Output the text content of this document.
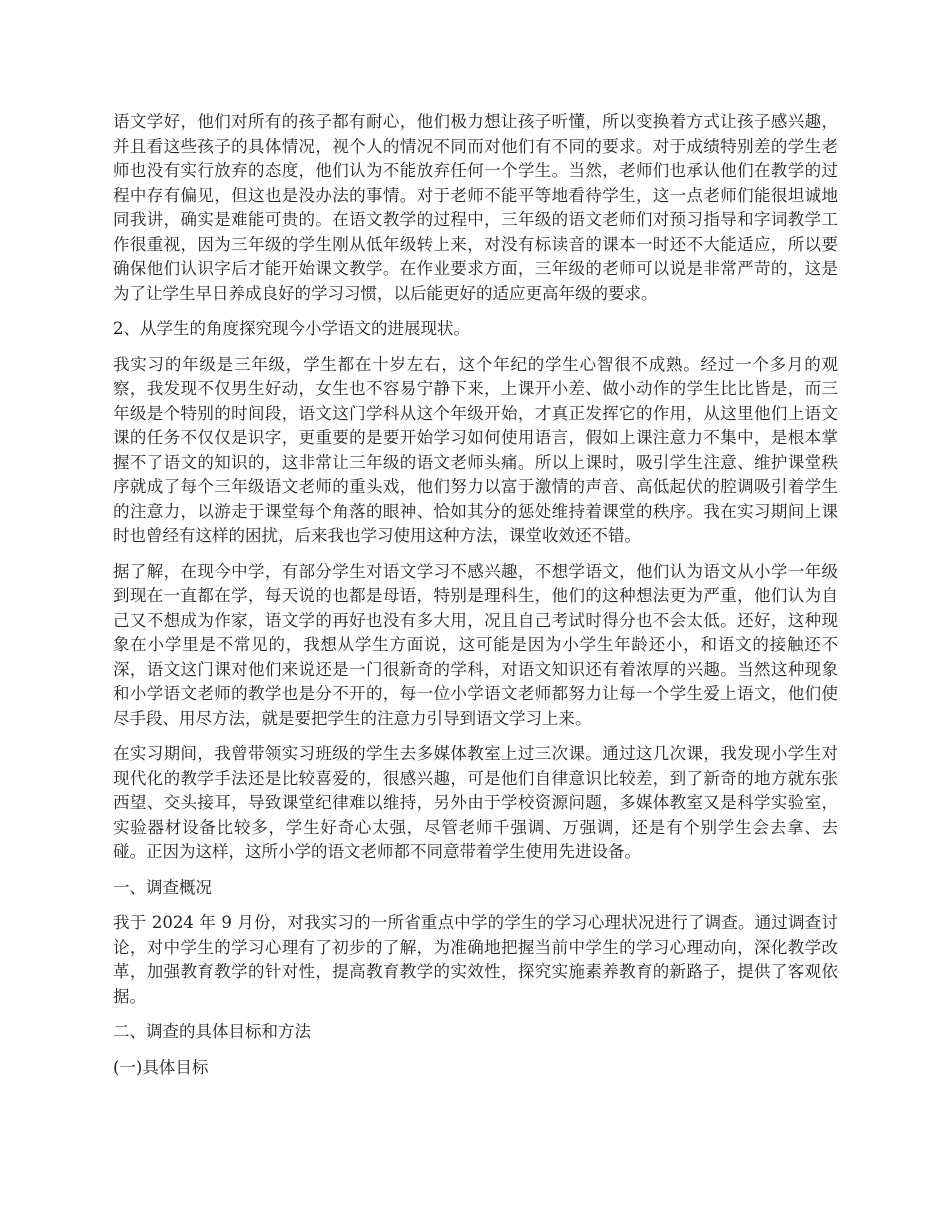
语文学好，他们对所有的孩子都有耐心，他们极力想让孩子听懂，所以变换着方式让孩子感兴趣，并且看这些孩子的具体情况，视个人的情况不同而对他们有不同的要求。对于成绩特别差的学生老师也没有实行放弃的态度，他们认为不能放弃任何一个学生。当然，老师们也承认他们在教学的过程中存有偏见，但这也是没办法的事情。对于老师不能平等地看待学生，这一点老师们能很坦诚地同我讲，确实是难能可贵的。在语文教学的过程中，三年级的语文老师们对预习指导和字词教学工作很重视，因为三年级的学生刚从低年级转上来，对没有标读音的课本一时还不大能适应，所以要确保他们认识字后才能开始课文教学。在作业要求方面，三年级的老师可以说是非常严苛的，这是为了让学生早日养成良好的学习习惯，以后能更好的适应更高年级的要求。

2、从学生的角度探究现今小学语文的进展现状。

我实习的年级是三年级，学生都在十岁左右，这个年纪的学生心智很不成熟。经过一个多月的观察，我发现不仅男生好动，女生也不容易宁静下来，上课开小差、做小动作的学生比比皆是，而三年级是个特别的时间段，语文这门学科从这个年级开始，才真正发挥它的作用，从这里他们上语文课的任务不仅仅是识字，更重要的是要开始学习如何使用语言，假如上课注意力不集中，是根本掌握不了语文的知识的，这非常让三年级的语文老师头痛。所以上课时，吸引学生注意、维护课堂秩序就成了每个三年级语文老师的重头戏，他们努力以富于激情的声音、高低起伏的腔调吸引着学生的注意力，以游走于课堂每个角落的眼神、恰如其分的惩处维持着课堂的秩序。我在实习期间上课时也曾经有这样的困扰，后来我也学习使用这种方法，课堂收效还不错。

据了解，在现今中学，有部分学生对语文学习不感兴趣，不想学语文，他们认为语文从小学一年级到现在一直都在学，每天说的也都是母语，特别是理科生，他们的这种想法更为严重，他们认为自己又不想成为作家，语文学的再好也没有多大用，况且自己考试时得分也不会太低。还好，这种现象在小学里是不常见的，我想从学生方面说，这可能是因为小学生年龄还小，和语文的接触还不深，语文这门课对他们来说还是一门很新奇的学科，对语文知识还有着浓厚的兴趣。当然这种现象和小学语文老师的教学也是分不开的，每一位小学语文老师都努力让每一个学生爱上语文，他们使尽手段、用尽方法，就是要把学生的注意力引导到语文学习上来。

在实习期间，我曾带领实习班级的学生去多媒体教室上过三次课。通过这几次课，我发现小学生对现代化的教学手法还是比较喜爱的，很感兴趣，可是他们自律意识比较差，到了新奇的地方就东张西望、交头接耳，导致课堂纪律难以维持，另外由于学校资源问题，多媒体教室又是科学实验室，实验器材设备比较多，学生好奇心太强，尽管老师千强调、万强调，还是有个别学生会去拿、去碰。正因为这样，这所小学的语文老师都不同意带着学生使用先进设备。

一、调查概况

我于 2024 年 9 月份，对我实习的一所省重点中学的学生的学习心理状况进行了调查。通过调查讨论，对中学生的学习心理有了初步的了解，为准确地把握当前中学生的学习心理动向，深化教学改革，加强教育教学的针对性，提高教育教学的实效性，探究实施素养教育的新路子，提供了客观依据。

二、调查的具体目标和方法

(一)具体目标
